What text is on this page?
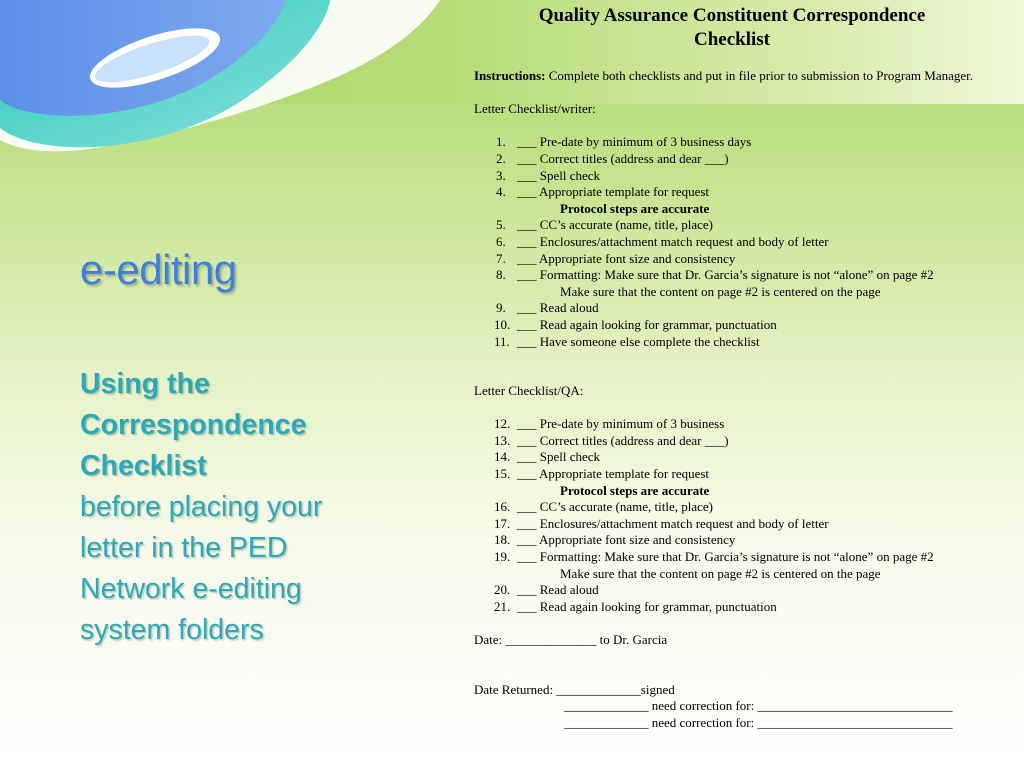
e-editing
Using the
Correspondence
Checklist
before placing your
letter in the PED
Network e-editing
system folders
Quality Assurance Constituent Correspondence
Checklist

Instructions: Complete both checklists and put in file prior to submission to Program Manager.

Letter Checklist/writer:

1. ___ Pre-date by minimum of 3 business days
2. ___ Correct titles (address and dear ___)
3. ___ Spell check
4. ___ Appropriate template for request
Protocol steps are accurate
5. ___ CC’s accurate (name, title, place)
6. ___ Enclosures/attachment match request and body of letter
7. ___ Appropriate font size and consistency
8. ___ Formatting: Make sure that Dr. Garcia’s signature is not “alone” on page #2
Make sure that the content on page #2 is centered on the page
9. ___ Read aloud
10. ___ Read again looking for grammar, punctuation
11. ___ Have someone else complete the checklist

Letter Checklist/QA:

12. ___ Pre-date by minimum of 3 business
13. ___ Correct titles (address and dear ___)
14. ___ Spell check
15. ___ Appropriate template for request
Protocol steps are accurate
16. ___ CC’s accurate (name, title, place)
17. ___ Enclosures/attachment match request and body of letter
18. ___ Appropriate font size and consistency
19. ___ Formatting: Make sure that Dr. Garcia’s signature is not “alone” on page #2
Make sure that the content on page #2 is centered on the page
20. ___ Read aloud
21. ___ Read again looking for grammar, punctuation

Date: ______________ to Dr. Garcia

Date Returned: _____________signed

_____________ need correction for: ______________________________

_____________ need correction for: ______________________________
